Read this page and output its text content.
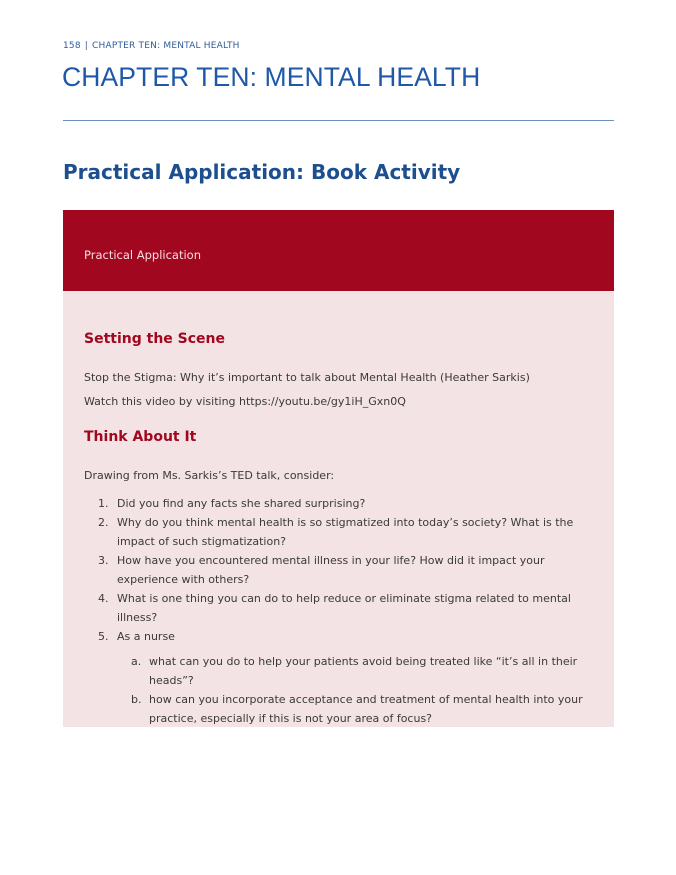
158 | CHAPTER TEN: MENTAL HEALTH
CHAPTER TEN: MENTAL HEALTH
Practical Application: Book Activity
Practical Application
Setting the Scene

Stop the Stigma: Why it’s important to talk about Mental Health (Heather Sarkis)

Watch this video by visiting https://youtu.be/gy1iH_Gxn0Q

Think About It

Drawing from Ms. Sarkis’s TED talk, consider:

1. Did you find any facts she shared surprising?
2. Why do you think mental health is so stigmatized into today’s society? What is the impact of such stigmatization?
3. How have you encountered mental illness in your life? How did it impact your experience with others?
4. What is one thing you can do to help reduce or eliminate stigma related to mental illness?
5. As a nurse
a. what can you do to help your patients avoid being treated like “it’s all in their heads”?
b. how can you incorporate acceptance and treatment of mental health into your practice, especially if this is not your area of focus?
